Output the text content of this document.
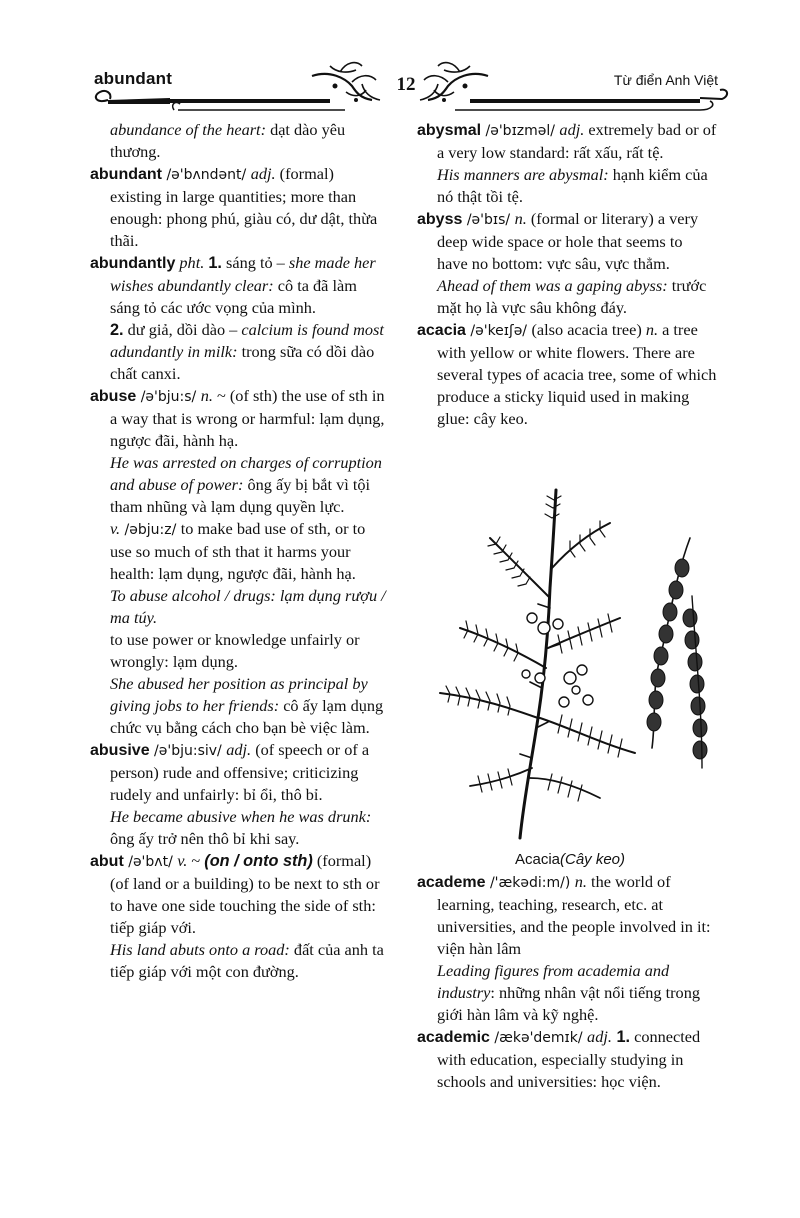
abundant	12	Từ điển Anh Việt

abundance of the heart: dạt dào yêu thương.

abundant /ə'bʌndənt/ adj. (formal) existing in large quantities; more than enough: phong phú, giàu có, dư dật, thừa thãi.

abundantly pht. 1. sáng tỏ – she made her wishes abundantly clear: cô ta đã làm sáng tỏ các ước vọng của mình.

2. dư giả, dồi dào – calcium is found most adundantly in milk: trong sữa có dồi dào chất canxi.

abuse /ə'bju:s/ n. ~ (of sth) the use of sth in a way that is wrong or harmful: lạm dụng, ngược đãi, hành hạ.

He was arrested on charges of corruption and abuse of power: ông ấy bị bắt vì tội tham nhũng và lạm dụng quyền lực.

v. /əbju:z/ to make bad use of sth, or to use so much of sth that it harms your health: lạm dụng, ngược đãi, hành hạ.

To abuse alcohol / drugs: lạm dụng rượu / ma túy.

to use power or knowledge unfairly or wrongly: lạm dụng.

She abused her position as principal by giving jobs to her friends: cô ấy lạm dụng chức vụ bằng cách cho bạn bè việc làm.

abusive /ə'bju:siv/ adj. (of speech or of a person) rude and offensive; criticizing rudely and unfairly: bỉ ổi, thô bỉ.

He became abusive when he was drunk: ông ấy trở nên thô bỉ khi say.

abut /ə'bʌt/ v. ~ (on / onto sth) (formal) (of land or a building) to be next to sth or to have one side touching the side of sth: tiếp giáp với.

His land abuts onto a road: đất của anh ta tiếp giáp với một con đường.

abysmal /ə'bɪzməl/ adj. extremely bad or of a very low standard: rất xấu, rất tệ.

His manners are abysmal: hạnh kiểm của nó thật tồi tệ.

abyss /ə'bɪs/ n. (formal or literary) a very deep wide space or hole that seems to have no bottom: vực sâu, vực thẳm.

Ahead of them was a gaping abyss: trước mặt họ là vực sâu không đáy.

acacia /ə'keɪʃə/ (also acacia tree) n. a tree with yellow or white flowers. There are several types of acacia tree, some of which produce a sticky liquid used in making glue: cây keo.

Acacia(Cây keo)

academe /'ækədi:m/) n. the world of learning, teaching, research, etc. at universities, and the people involved in it: viện hàn lâm

Leading figures from academia and industry: những nhân vật nổi tiếng trong giới hàn lâm và kỹ nghệ.

academic /ækə'demɪk/ adj. 1. connected with education, especially studying in schools and universities: học viện.
